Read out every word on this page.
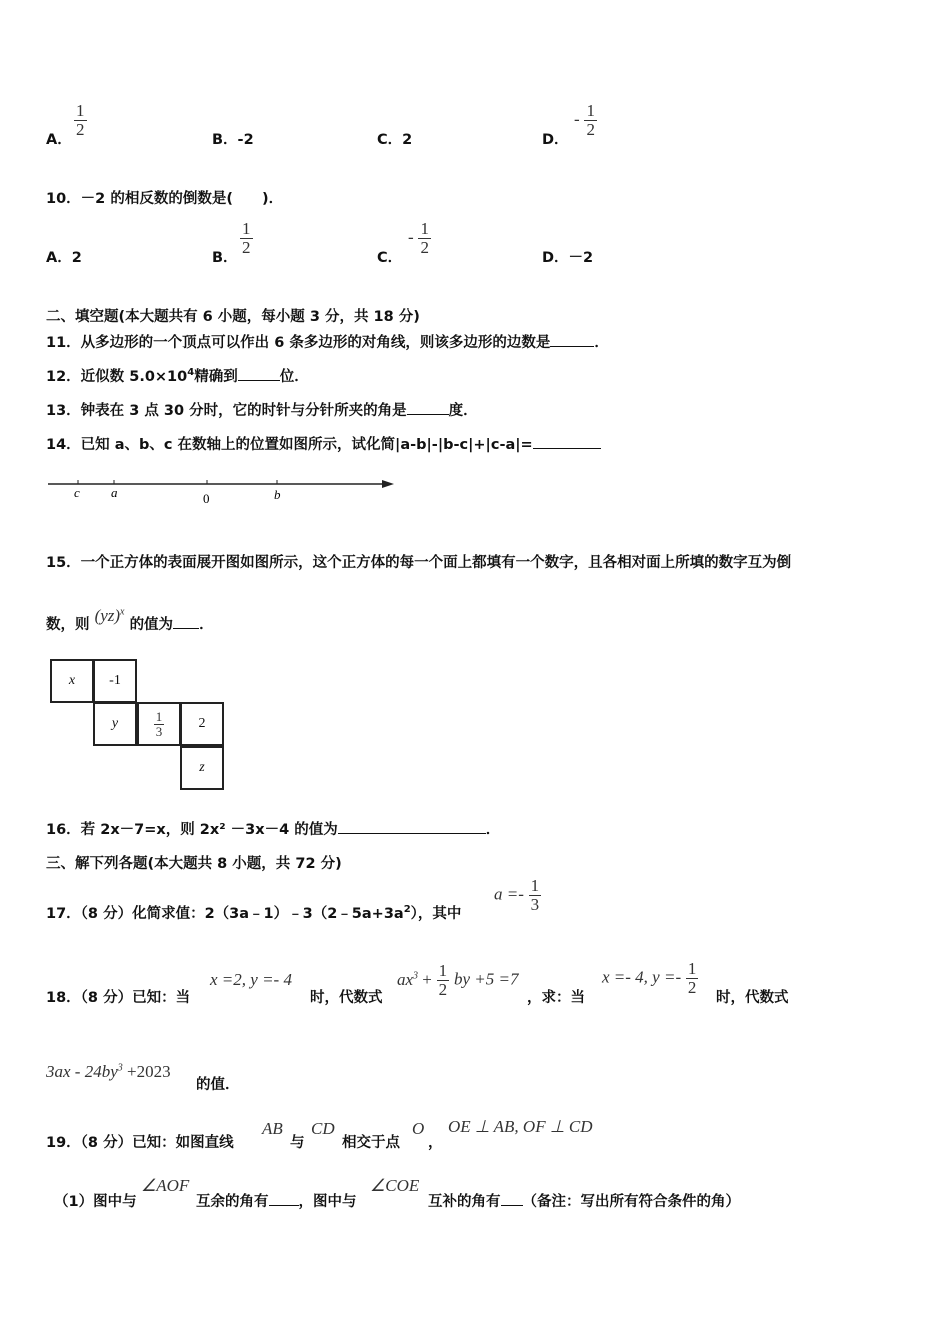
A．
$\frac{1}{2}$
B．-2	C．2	D．
- $\frac{1}{2}$
10．－2 的相反数的倒数是(　　)．
A．2	B．
$\frac{1}{2}$
C．
- $\frac{1}{2}$
D．－2
二、填空题(本大题共有 6 小题，每小题 3 分，共 18 分)
11．从多边形的一个顶点可以作出 6 条多边形的对角线，则该多边形的边数是	．
12．近似数 $5.0\times 10^4$精确到	位．
13．钟表在 3 点 30 分时，它的时针与分针所夹的角是	度．
14．已知 a、b、c 在数轴上的位置如图所示，试化简|a-b|-|b-c|+|c-a|=
c a	0	b
15．一个正方体的表面展开图如图所示，这个正方体的每一个面上都填有一个数字，且各相对面上所填的数字互为倒
数，则 (yz)$^x$ 的值为 ．
x	-1
y	$\frac{1}{3}$	2
z
16．若 2x－7=x，则 2x² －3x－4 的值为	．
三、解下列各题(本大题共 8 小题，共 72 分)
17．（8 分）化简求值：$2(3a﹣1)﹣3(2﹣5a+3a^2)$，其中
$a =- \frac{1}{3}$
18．（8 分）已知：当
x =2, y =- 4
时，代数式
$ax^3 + \frac{1}{2}$ by +5 =7
，求：当
x =- 4, $y =- \frac{1}{2}$
时，代数式
$3ax - 24by^3 +2023$
的值．
19．（8 分）已知：如图直线
AB
与
CD
相交于点
O
，
OE ⊥ AB, OF ⊥ CD
（1）图中与
∠AOF
互余的角有 ，图中与
∠COE
互补的角有 （备注：写出所有符合条件的角）
